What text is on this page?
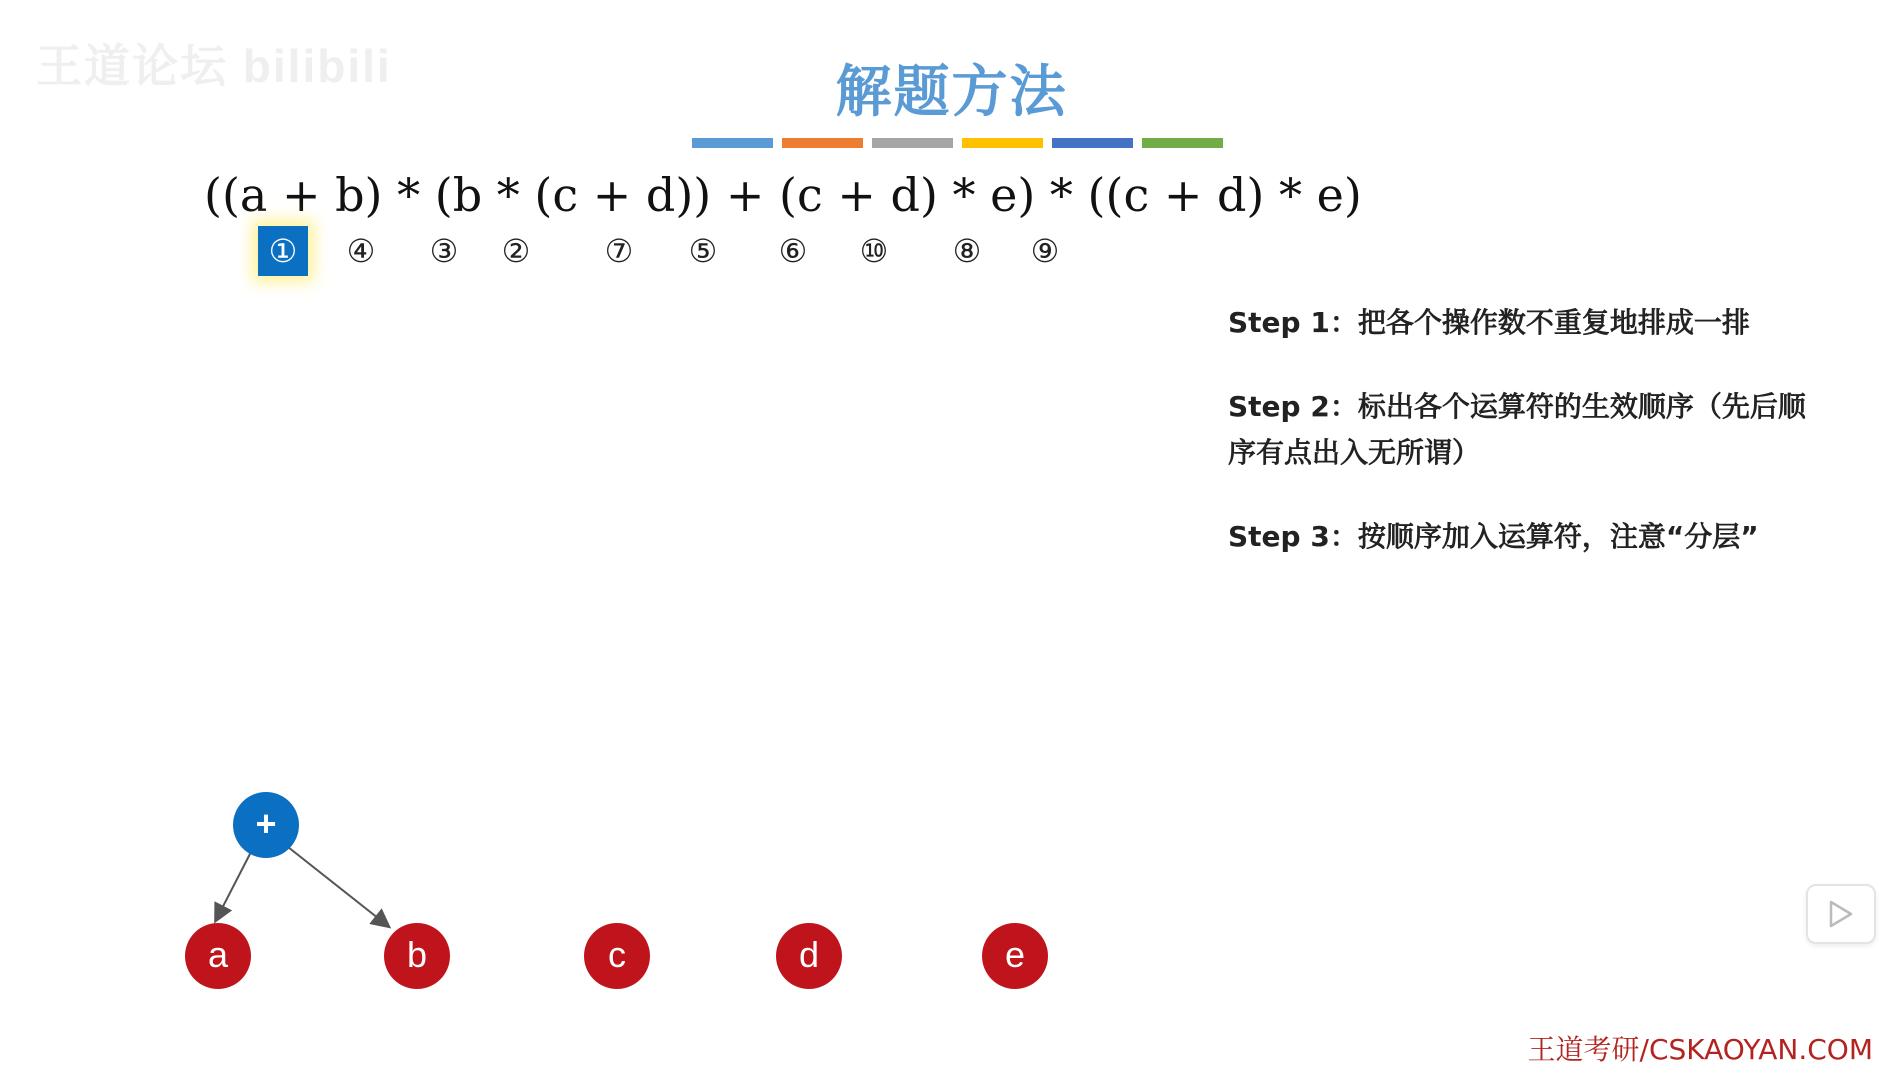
王道论坛 bilibili	解题方法
((a + b) * (b * (c + d)) + (c + d) * e) * ((c + d) * e)
①	④ ③ ② ⑦ ⑤ ⑥ ⑩ ⑧ ⑨
Step 1：把各个操作数不重复地排成一排
Step 2：标出各个运算符的生效顺序（先后顺序有点出入无所谓）
Step 3：按顺序加入运算符，注意“分层”
+
a	b	c	d	e
王道考研/CSKAOYAN.COM
